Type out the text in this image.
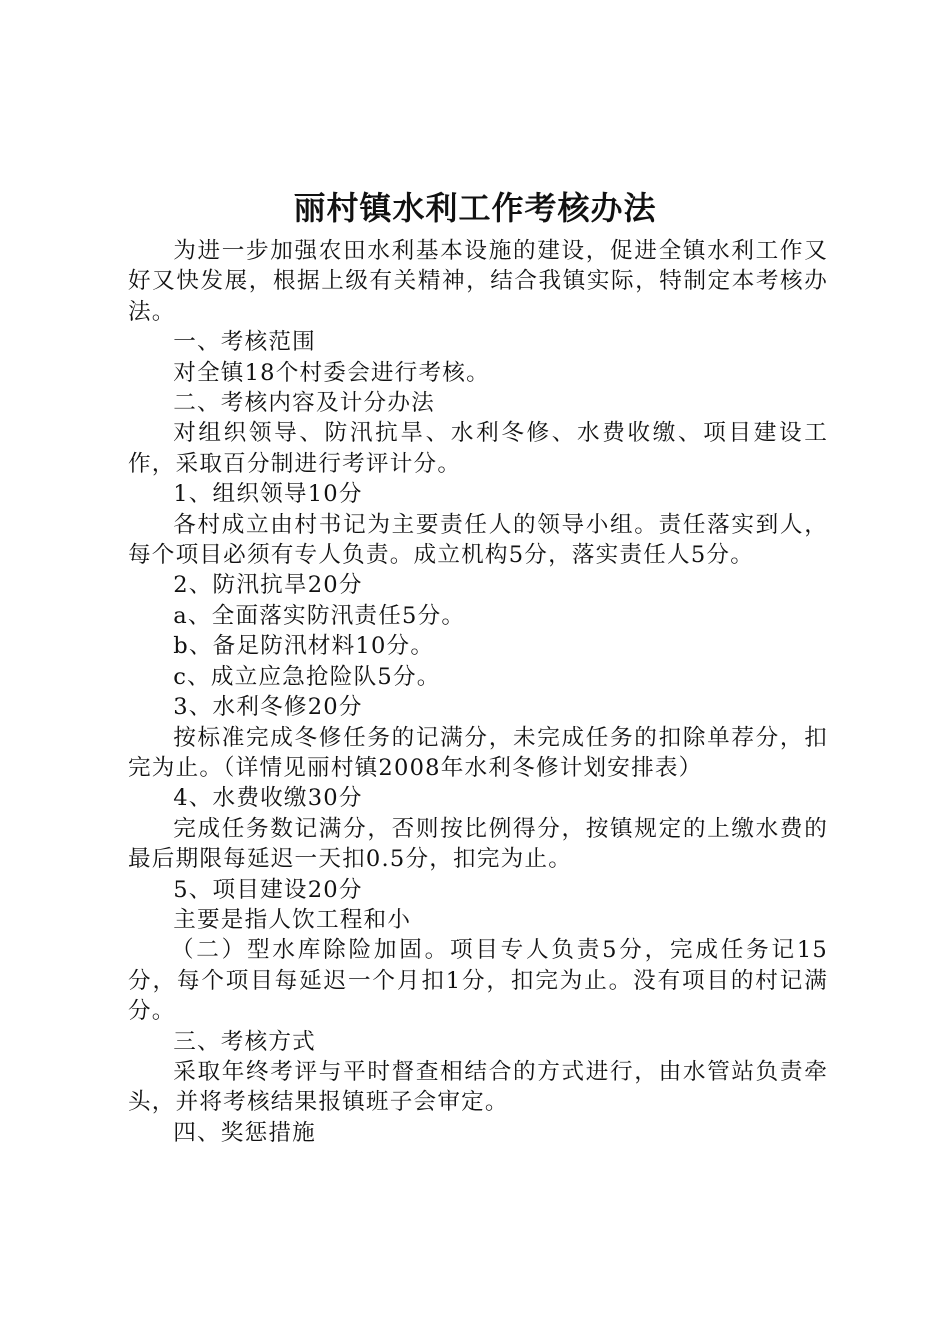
丽村镇水利工作考核办法

为进一步加强农田水利基本设施的建设，促进全镇水利工作又好又快发展，根据上级有关精神，结合我镇实际，特制定本考核办法。

一、考核范围

对全镇18个村委会进行考核。

二、考核内容及计分办法

对组织领导、防汛抗旱、水利冬修、水费收缴、项目建设工作，采取百分制进行考评计分。

1、组织领导10分

各村成立由村书记为主要责任人的领导小组。责任落实到人，每个项目必须有专人负责。成立机构5分，落实责任人5分。

2、防汛抗旱20分

a、全面落实防汛责任5分。

b、备足防汛材料10分。

c、成立应急抢险队5分。

3、水利冬修20分

按标准完成冬修任务的记满分，未完成任务的扣除单荐分，扣完为止。（详情见丽村镇2008年水利冬修计划安排表）

4、水费收缴30分

完成任务数记满分，否则按比例得分，按镇规定的上缴水费的最后期限每延迟一天扣0.5分，扣完为止。

5、项目建设20分

主要是指人饮工程和小

（二）型水库除险加固。项目专人负责5分，完成任务记15分，每个项目每延迟一个月扣1分，扣完为止。没有项目的村记满分。

三、考核方式

采取年终考评与平时督查相结合的方式进行，由水管站负责牵头，并将考核结果报镇班子会审定。

四、奖惩措施
